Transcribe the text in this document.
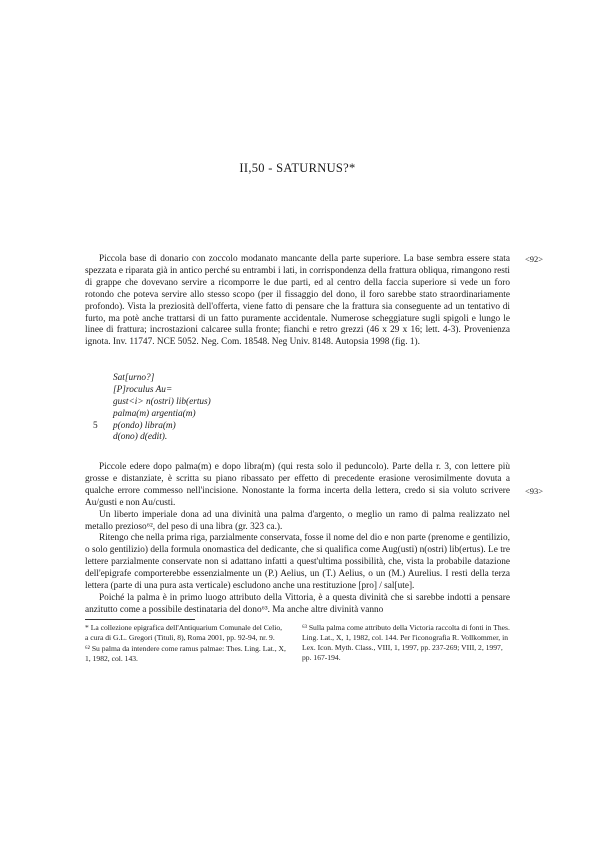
II,50 - SATURNUS?*

Piccola base di donario con zoccolo modanato mancante della parte superiore. La base sembra essere stata spezzata e riparata già in antico perché su entrambi i lati, in corrispondenza della frattura obliqua, rimangono resti di grappe che dovevano servire a ricomporre le due parti, ed al centro della faccia superiore si vede un foro rotondo che poteva servire allo stesso scopo (per il fissaggio del dono, il foro sarebbe stato straordinariamente profondo). Vista la preziosità dell'offerta, viene fatto di pensare che la frattura sia conseguente ad un tentativo di furto, ma potè anche trattarsi di un fatto puramente accidentale. Numerose scheggiature sugli spigoli e lungo le linee di frattura; incrostazioni calcaree sulla fronte; fianchi e retro grezzi (46 x 29 x 16; lett. 4-3). Provenienza ignota. Inv. 11747. NCE 5052. Neg. Com. 18548. Neg Univ. 8148. Autopsia 1998 (fig. 1).

<92>
Sat[urno?]
[P]roculus Au=
gust<i> n(ostri) lib(ertus)
palma(m) argentia(m)
5	p(ondo) libra(m)
d(ono) d(edit).

Piccole edere dopo palma(m) e dopo libra(m) (qui resta solo il peduncolo). Parte della r. 3, con lettere più grosse e distanziate, è scritta su piano ribassato per effetto di precedente erasione verosimilmente dovuta a qualche errore commesso nell'incisione. Nonostante la forma incerta della lettera, credo si sia voluto scrivere Au/gusti e non Au/custi.

Un liberto imperiale dona ad una divinità una palma d'argento, o meglio un ramo di palma realizzato nel metallo prezioso⁶², del peso di una libra (gr. 323 ca.).

Ritengo che nella prima riga, parzialmente conservata, fosse il nome del dio e non parte (prenome e gentilizio, o solo gentilizio) della formula onomastica del dedicante, che si qualifica come Aug(usti) n(ostri) lib(ertus). Le tre lettere parzialmente conservate non si adattano infatti a quest'ultima possibilità, che, vista la probabile datazione dell'epigrafe comporterebbe essenzialmente un (P.) Aelius, un (T.) Aelius, o un (M.) Aurelius. I resti della terza lettera (parte di una pura asta verticale) escludono anche una restituzione [pro] / sal[ute].

Poiché la palma è in primo luogo attributo della Vittoria, è a questa divinità che si sarebbe indotti a pensare anzitutto come a possibile destinataria del dono⁶³. Ma anche altre divinità vanno

<93>

* La collezione epigrafica dell'Antiquarium Comunale del Celio, a cura di G.L. Gregori (Tituli, 8), Roma 2001, pp. 92-94, nr. 9.

⁶² Su palma da intendere come ramus palmae: Thes. Ling. Lat., X, 1, 1982, col. 143.

⁶³ Sulla palma come attributo della Victoria raccolta di fonti in Thes. Ling. Lat., X, 1, 1982, col. 144. Per l'iconografia R. Vollkommer, in Lex. Icon. Myth. Class., VIII, 1, 1997, pp. 237-269; VIII, 2, 1997, pp. 167-194.
